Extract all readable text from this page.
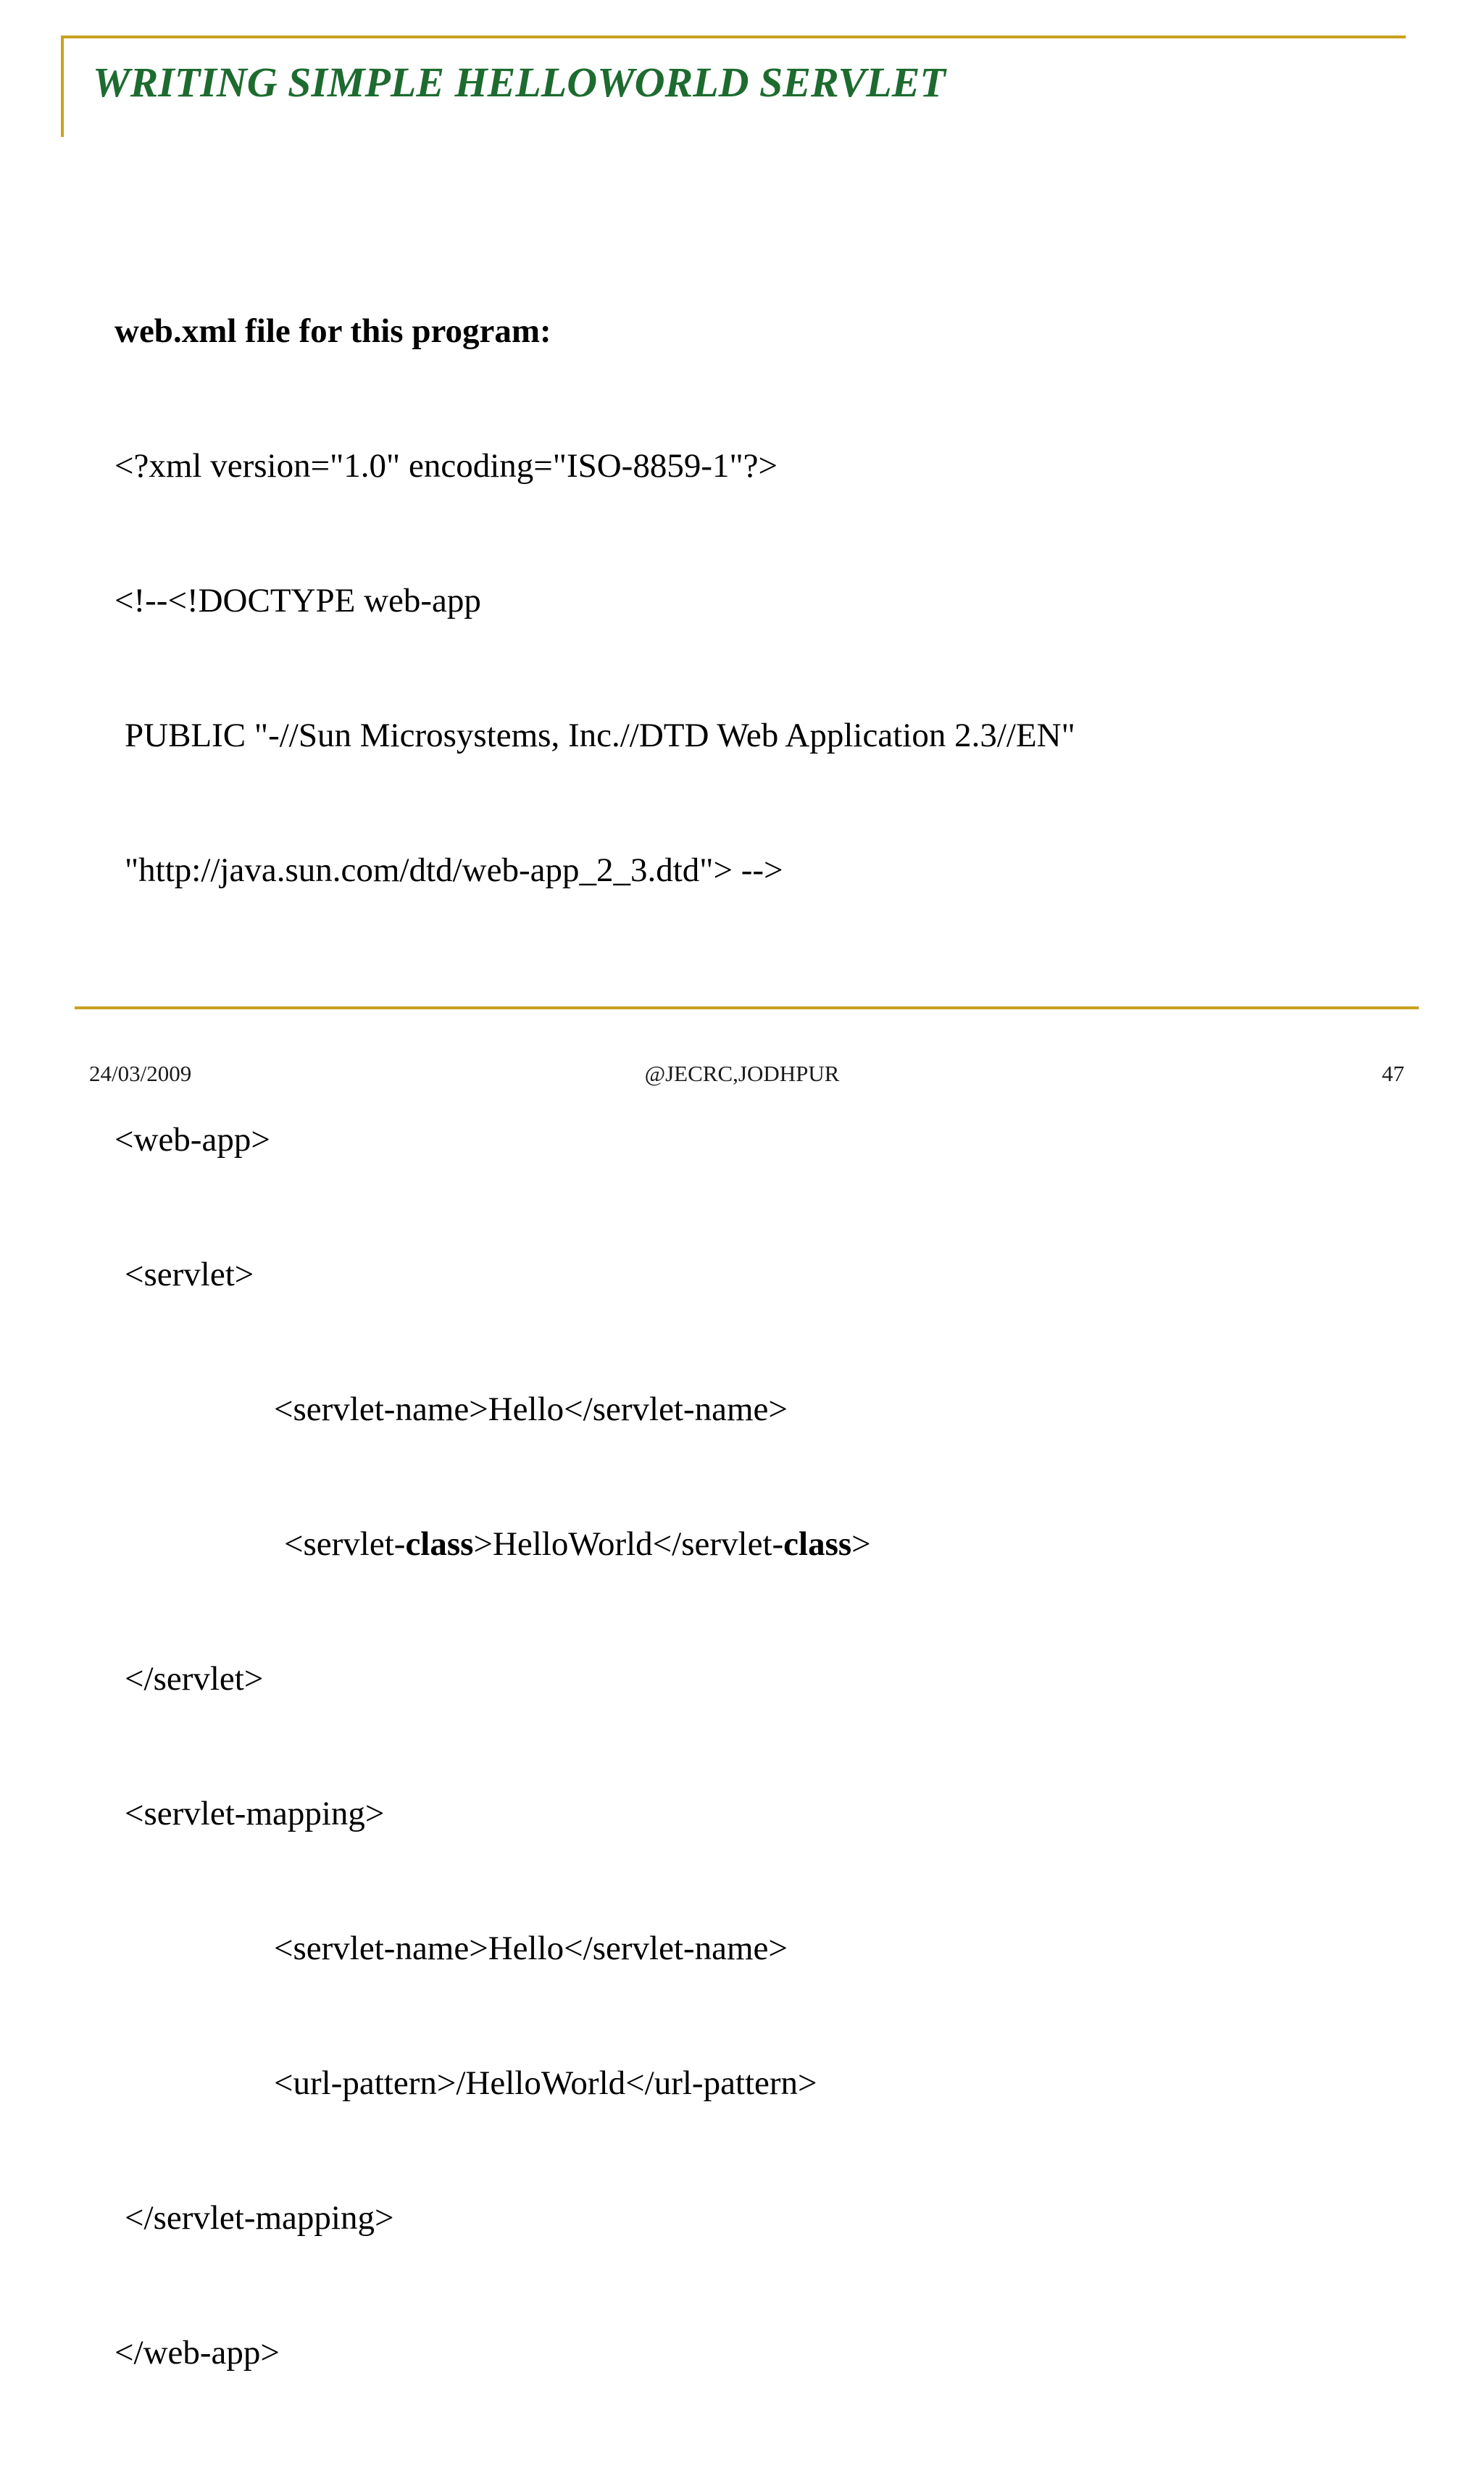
WRITING SIMPLE HELLOWORLD SERVLET

web.xml file for this program:

<?xml version="1.0" encoding="ISO-8859-1"?>

<!--<!DOCTYPE web-app

PUBLIC "-//Sun Microsystems, Inc.//DTD Web Application 2.3//EN"

"http://java.sun.com/dtd/web-app_2_3.dtd"> -->

<web-app>

<servlet>

<servlet-name>Hello</servlet-name>

<servlet-class>HelloWorld</servlet-class>

</servlet>

<servlet-mapping>

<servlet-name>Hello</servlet-name>

<url-pattern>/HelloWorld</url-pattern>

</servlet-mapping>

</web-app>

24/03/2009	@JECRC,JODHPUR	47
